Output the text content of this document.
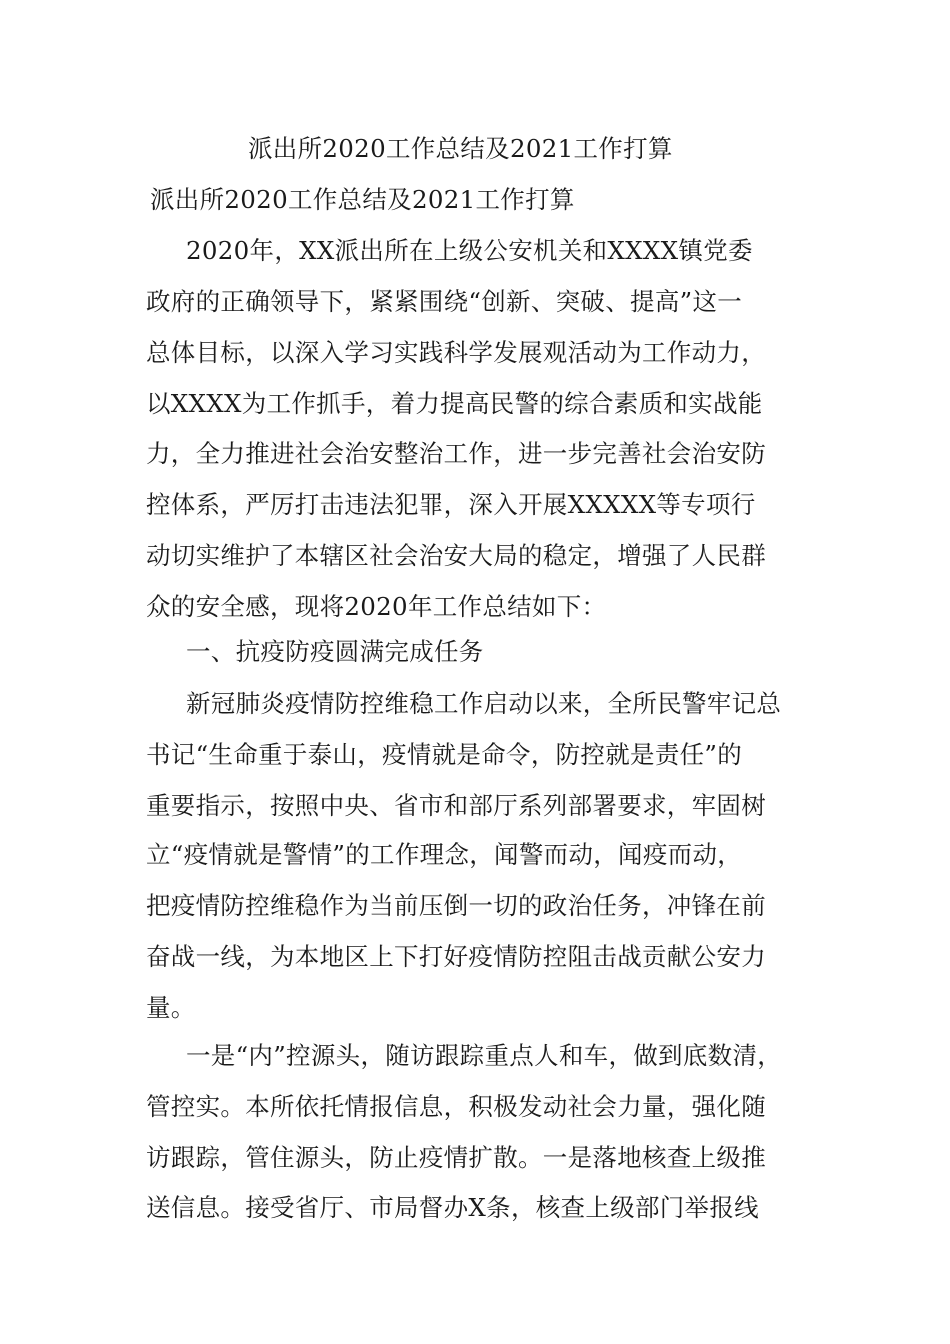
派出所2020工作总结及2021工作打算
派出所2020工作总结及2021工作打算
2020年，XX派出所在上级公安机关和XXXX镇党委
政府的正确领导下，紧紧围绕“创新、突破、提高”这一
总体目标，以深入学习实践科学发展观活动为工作动力，
以XXXX为工作抓手，着力提高民警的综合素质和实战能
力，全力推进社会治安整治工作，进一步完善社会治安防
控体系，严厉打击违法犯罪，深入开展XXXXX等专项行
动切实维护了本辖区社会治安大局的稳定，增强了人民群
众的安全感，现将2020年工作总结如下：
一、抗疫防疫圆满完成任务
新冠肺炎疫情防控维稳工作启动以来，全所民警牢记总
书记“生命重于泰山，疫情就是命令，防控就是责任”的
重要指示，按照中央、省市和部厅系列部署要求，牢固树
立“疫情就是警情”的工作理念，闻警而动，闻疫而动，
把疫情防控维稳作为当前压倒一切的政治任务，冲锋在前
奋战一线，为本地区上下打好疫情防控阻击战贡献公安力
量。
一是“内”控源头，随访跟踪重点人和车，做到底数清，
管控实。本所依托情报信息，积极发动社会力量，强化随
访跟踪，管住源头，防止疫情扩散。一是落地核查上级推
送信息。接受省厅、市局督办X条，核查上级部门举报线
